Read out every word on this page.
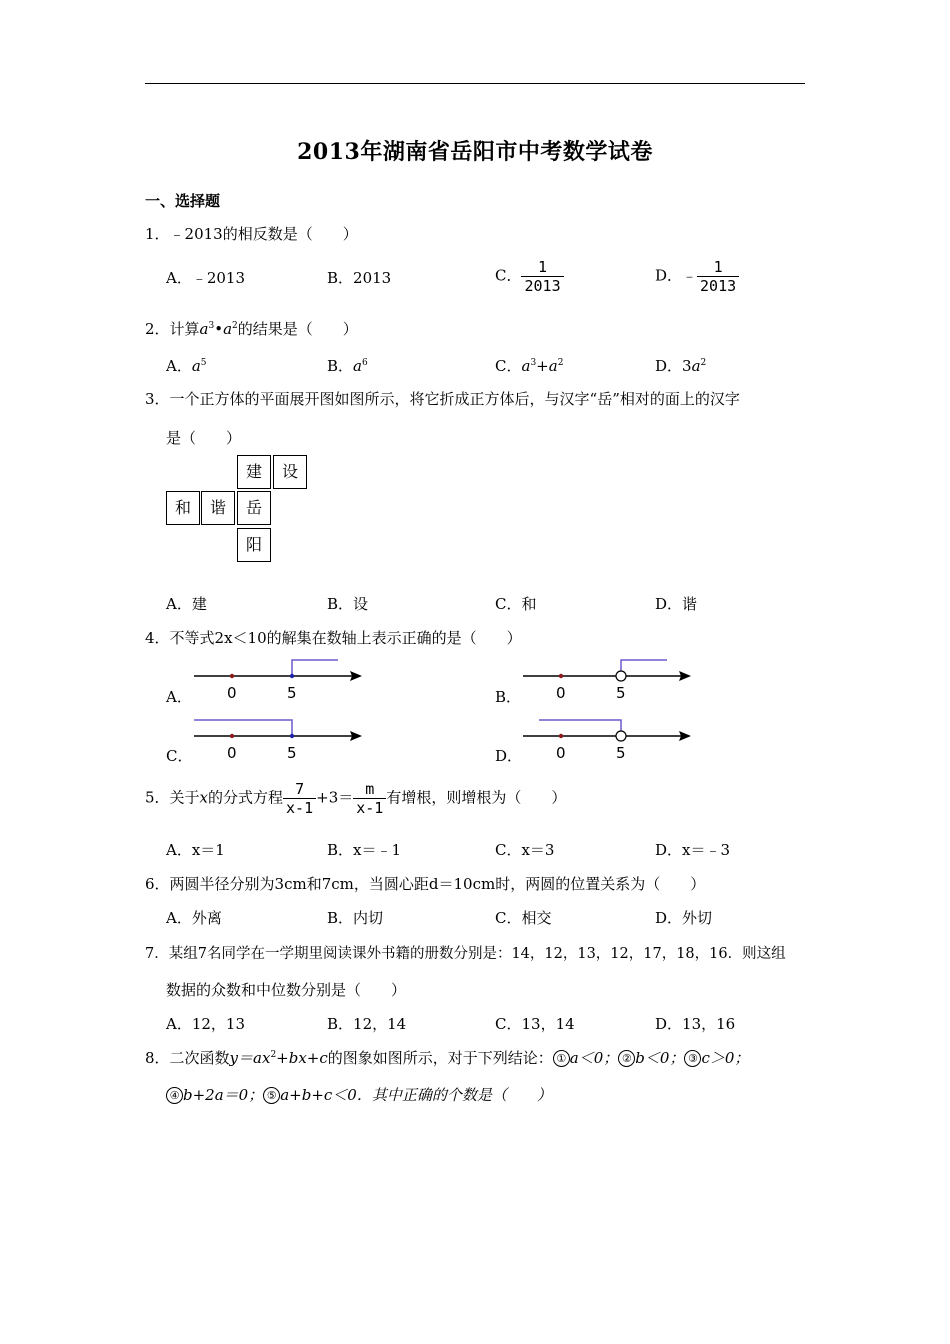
2013年湖南省岳阳市中考数学试卷
一、选择题
1．﹣2013的相反数是（　　）
A．﹣2013	B．2013	C． $\frac{1}{2013}$	D．﹣ $\frac{1}{2013}$
2．计算$a^3•a^2$的结果是（　　）
A．$a^5$	B．$a^6$	C．$a^3+a^2$	D．$3a^2$
3．一个正方体的平面展开图如图所示，将它折成正方体后，与汉字“岳”相对的面上的汉字
是（　　）
建	设
和	谐	岳
阳
A．建	B．设	C．和	D．谐
4．不等式2x＜10的解集在数轴上表示正确的是（　　）
A．	B．
C．	D．
0	5	0	5
0	5	0	5
5．关于x的分式方程 $\frac{7}{x-1} +3= \frac{m}{x-1}$ 有增根，则增根为（　　）
A．x＝1	B．x＝﹣1	C．x＝3	D．x＝﹣3
6．两圆半径分别为3cm和7cm，当圆心距d＝10cm时，两圆的位置关系为（　　）
A．外离	B．内切	C．相交	D．外切
7．某组7名同学在一学期里阅读课外书籍的册数分别是：14，12，13，12，17，18，16．则这组
数据的众数和中位数分别是（　　）
A．12，13	B．12，14	C．13，14	D．13，16
8．二次函数$y=ax^2+bx+c$的图象如图所示，对于下列结论： ① a＜0； ② b＜0； ③ c＞0；
④ b+2a＝0； ⑤ a+b+c＜0．其中正确的个数是（　　）
